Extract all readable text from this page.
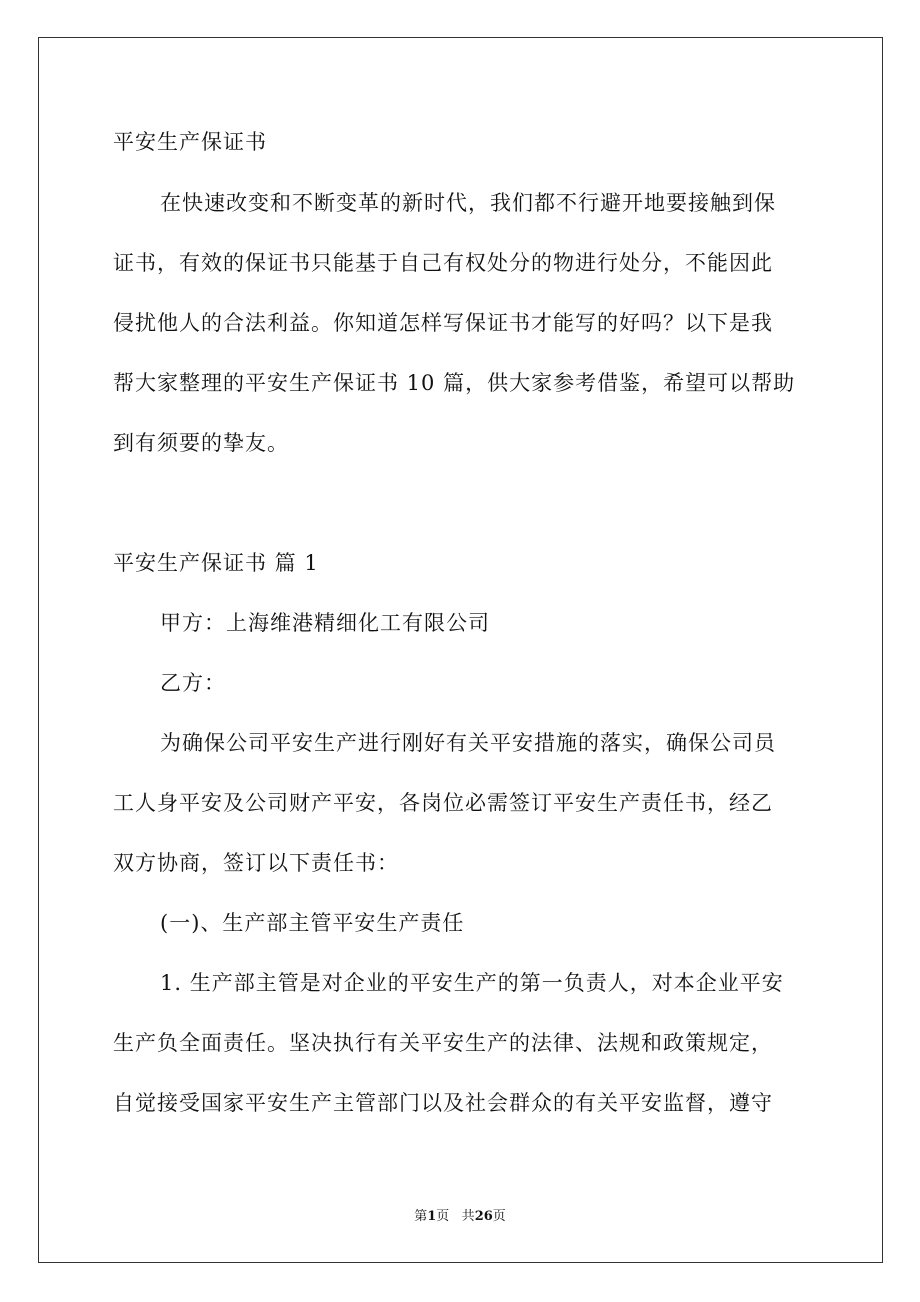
平安生产保证书
在快速改变和不断变革的新时代，我们都不行避开地要接触到保
证书，有效的保证书只能基于自己有权处分的物进行处分，不能因此
侵扰他人的合法利益。你知道怎样写保证书才能写的好吗？以下是我
帮大家整理的平安生产保证书 10 篇，供大家参考借鉴，希望可以帮助
到有须要的挚友。
平安生产保证书 篇 1
甲方：上海维港精细化工有限公司
乙方：
为确保公司平安生产进行刚好有关平安措施的落实，确保公司员
工人身平安及公司财产平安，各岗位必需签订平安生产责任书，经乙
双方协商，签订以下责任书：
(一)、生产部主管平安生产责任
1. 生产部主管是对企业的平安生产的第一负责人，对本企业平安
生产负全面责任。坚决执行有关平安生产的法律、法规和政策规定，
自觉接受国家平安生产主管部门以及社会群众的有关平安监督，遵守
第1页 共26页
